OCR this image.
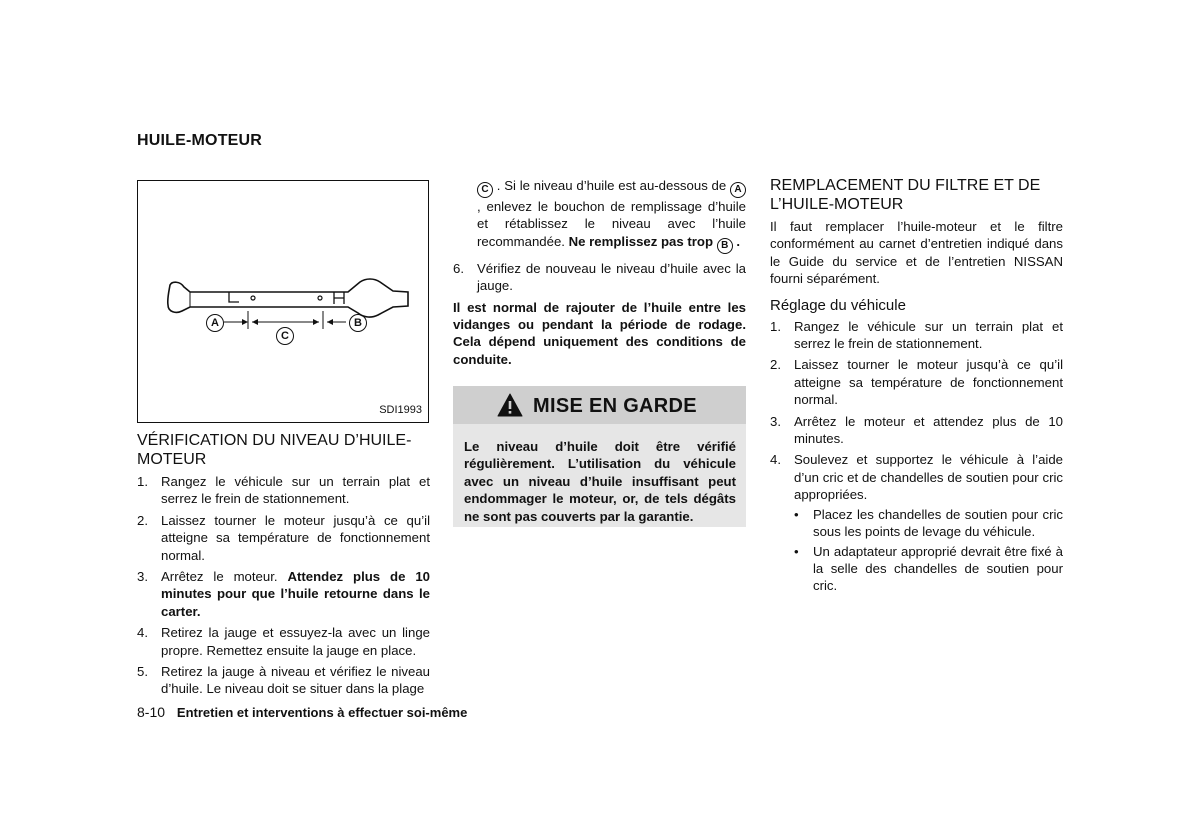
HUILE-MOTEUR
A	B
C
SDI1993
VÉRIFICATION DU NIVEAU D’HUILE-MOTEUR
1. Rangez le véhicule sur un terrain plat et serrez le frein de stationnement.
2. Laissez tourner le moteur jusqu’à ce qu’il atteigne sa température de fonctionnement normal.
3. Arrêtez le moteur. Attendez plus de 10 minutes pour que l’huile retourne dans le carter.
4. Retirez la jauge et essuyez-la avec un linge propre. Remettez ensuite la jauge en place.
5. Retirez la jauge à niveau et vérifiez le niveau d’huile. Le niveau doit se situer dans la plage
C . Si le niveau d’huile est au-dessous de A , enlevez le bouchon de remplissage d’huile et rétablissez le niveau avec l’huile recommandée. Ne remplissez pas trop B .
6. Vérifiez de nouveau le niveau d’huile avec la jauge.
Il est normal de rajouter de l’huile entre les vidanges ou pendant la période de rodage. Cela dépend uniquement des conditions de conduite.
MISE EN GARDE
Le niveau d’huile doit être vérifié régulièrement. L’utilisation du véhicule avec un niveau d’huile insuffisant peut endommager le moteur, or, de tels dégâts ne sont pas couverts par la garantie.
REMPLACEMENT DU FILTRE ET DE L’HUILE-MOTEUR
Il faut remplacer l’huile-moteur et le filtre conformément au carnet d’entretien indiqué dans le Guide du service et de l’entretien NISSAN fourni séparément.
Réglage du véhicule
1. Rangez le véhicule sur un terrain plat et serrez le frein de stationnement.
2. Laissez tourner le moteur jusqu’à ce qu’il atteigne sa température de fonctionnement normal.
3. Arrêtez le moteur et attendez plus de 10 minutes.
4. Soulevez et supportez le véhicule à l’aide d’un cric et de chandelles de soutien pour cric appropriées.
• Placez les chandelles de soutien pour cric sous les points de levage du véhicule.
• Un adaptateur approprié devrait être fixé à la selle des chandelles de soutien pour cric.
8-10 Entretien et interventions à effectuer soi-même
